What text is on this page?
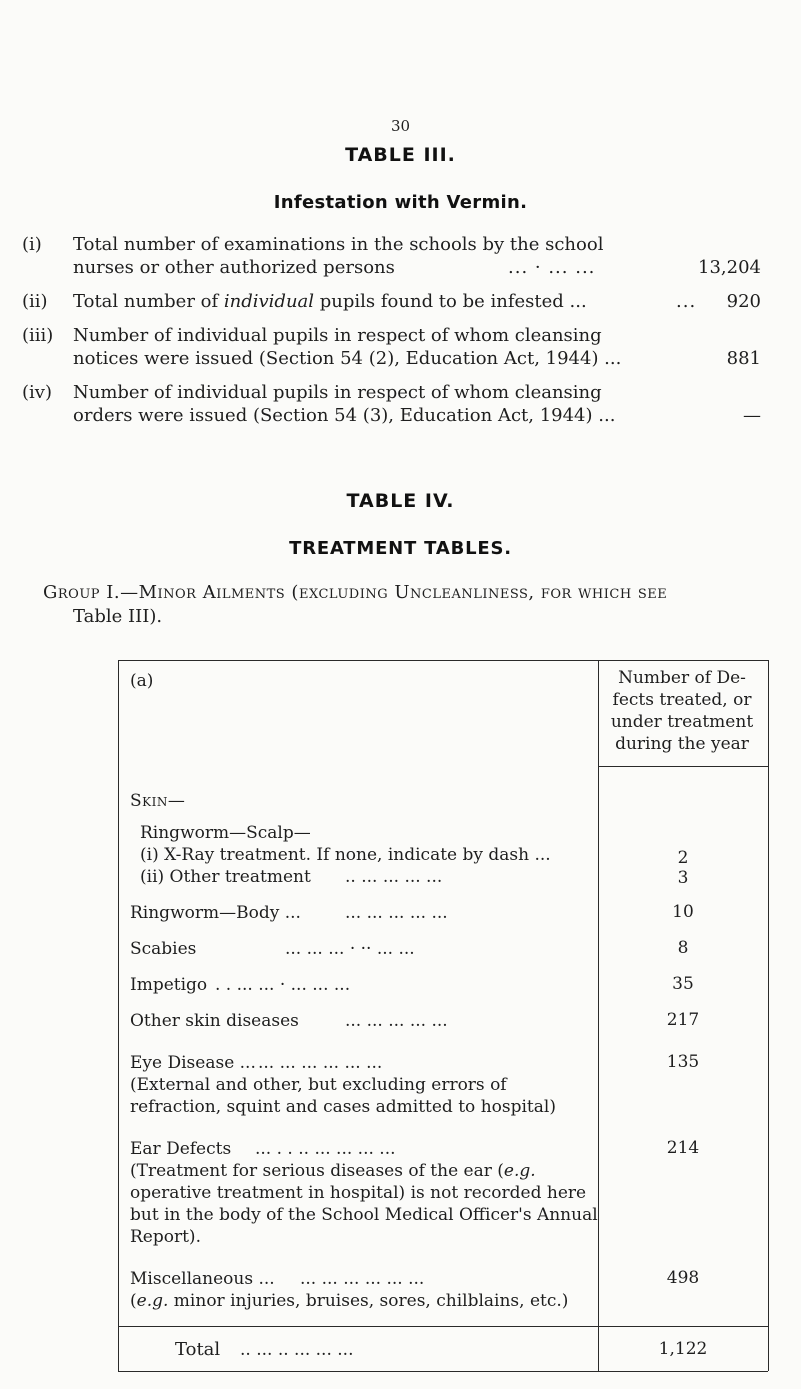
30
TABLE III.
Infestation with Vermin.
(i) Total number of examinations in the schools by the school
nurses or other authorized persons	... · ... ...	13,204
(ii) Total number of individual pupils found to be infested ...	... 920
(iii) Number of individual pupils in respect of whom cleansing
notices were issued (Section 54 (2), Education Act, 1944) ...	881
TABLE IV.
TREATMENT TABLES.
(iv) Number of individual pupils in respect of whom cleansing
orders were issued (Section 54 (3), Education Act, 1944) ...	—
Group I.—Minor Ailments (excluding Uncleanliness, for which see
Table III).
(a)	Number of De-
fects treated, or
under treatment
during the year
Skin—
Ringworm—Scalp—
(i) X-Ray treatment. If none, indicate by dash ...	2
(ii) Other treatment .. ... ... ... ...	3
Ringworm—Body ...	... ... ... ... ...	10
Scabies	... ... ... · ·· ... ...	8
Impetigo . . ... ... · ... ... ...	35
Other skin diseases	... ... ... ... ...	217
Eye Disease ... ... ... ... ... ... ...	135
(External and other, but excluding errors of
refraction, squint and cases admitted to hospital)
Ear Defects ... . . .. ... ... ... ...	214
(Treatment for serious diseases of the ear (e.g.
operative treatment in hospital) is not recorded here
but in the body of the School Medical Officer's Annual
Report).
Miscellaneous ... ... ... ... ... ... ...	498
(e.g. minor injuries, bruises, sores, chilblains, etc.)
Total .. ... .. ... ... ...	1,122
